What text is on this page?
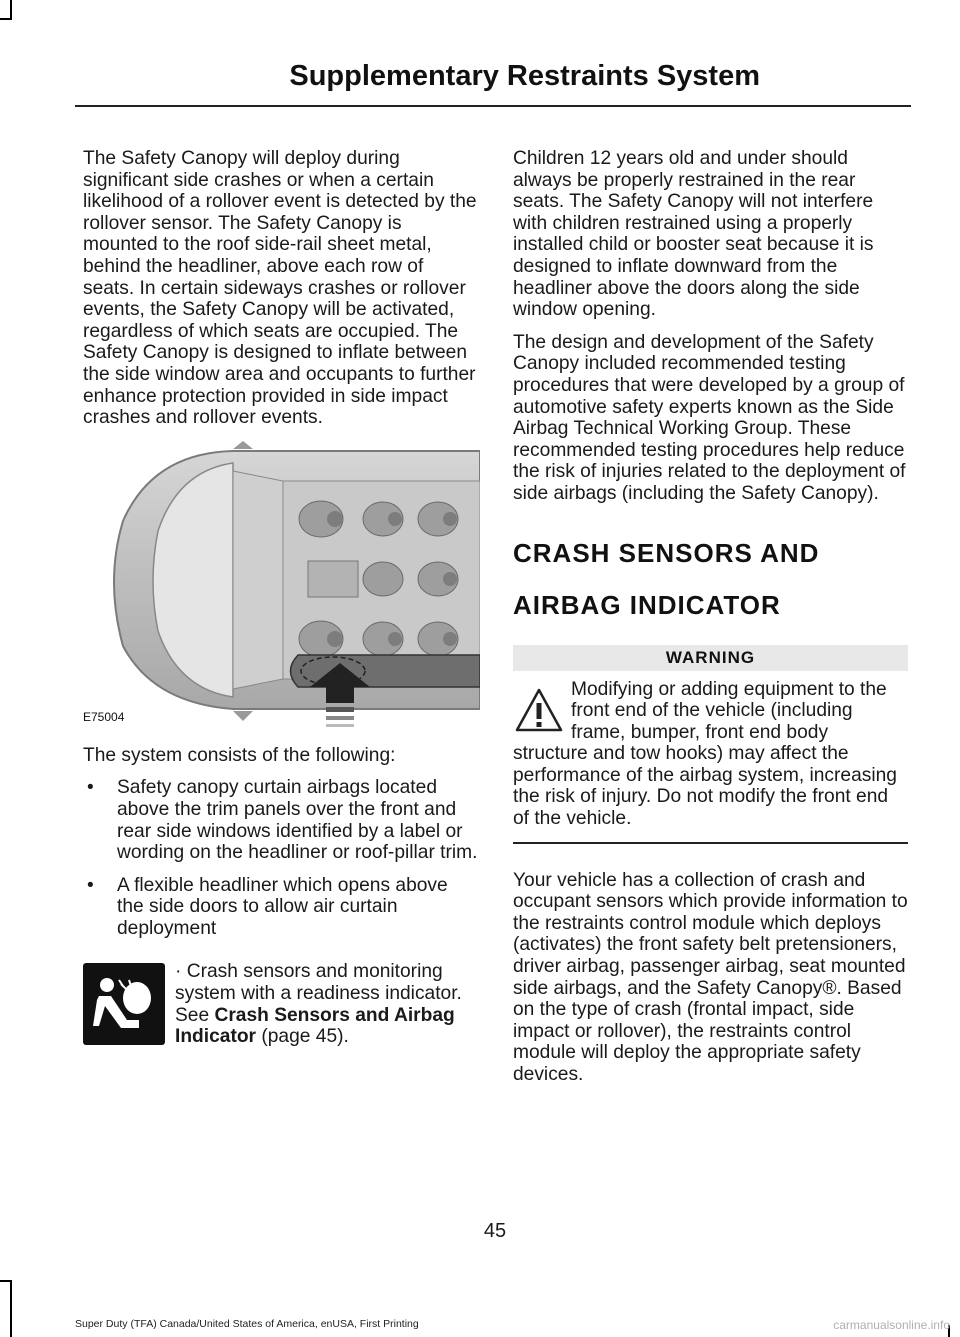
Supplementary Restraints System

The Safety Canopy will deploy during significant side crashes or when a certain likelihood of a rollover event is detected by the rollover sensor. The Safety Canopy is mounted to the roof side-rail sheet metal, behind the headliner, above each row of seats. In certain sideways crashes or rollover events, the Safety Canopy will be activated, regardless of which seats are occupied. The Safety Canopy is designed to inflate between the side window area and occupants to further enhance protection provided in side impact crashes and rollover events.

E75004

The system consists of the following:

• Safety canopy curtain airbags located above the trim panels over the front and rear side windows identified by a label or wording on the headliner or roof-pillar trim.
• A flexible headliner which opens above the side doors to allow air curtain deployment
· Crash sensors and monitoring system with a readiness indicator. See Crash Sensors and Airbag Indicator (page 45).

Children 12 years old and under should always be properly restrained in the rear seats. The Safety Canopy will not interfere with children restrained using a properly installed child or booster seat because it is designed to inflate downward from the headliner above the doors along the side window opening.

The design and development of the Safety Canopy included recommended testing procedures that were developed by a group of automotive safety experts known as the Side Airbag Technical Working Group. These recommended testing procedures help reduce the risk of injuries related to the deployment of side airbags (including the Safety Canopy).

CRASH SENSORS AND
AIRBAG INDICATOR
WARNING
Modifying or adding equipment to the front end of the vehicle (including frame, bumper, front end body structure and tow hooks) may affect the performance of the airbag system, increasing the risk of injury. Do not modify the front end of the vehicle.

Your vehicle has a collection of crash and occupant sensors which provide information to the restraints control module which deploys (activates) the front safety belt pretensioners, driver airbag, passenger airbag, seat mounted side airbags, and the Safety Canopy®. Based on the type of crash (frontal impact, side impact or rollover), the restraints control module will deploy the appropriate safety devices.

45
Super Duty (TFA) Canada/United States of America, enUSA, First Printing	carmanualsonline.info
